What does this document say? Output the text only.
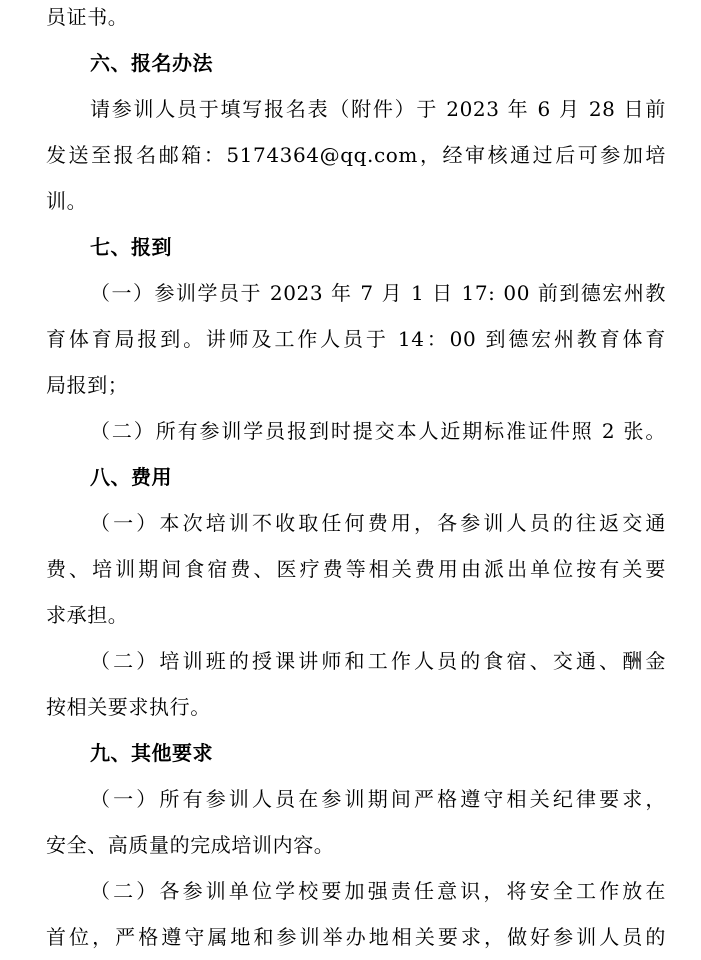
员证书。
六、报名办法
请参训人员于填写报名表（附件）于 2023 年 6 月 28 日前
发送至报名邮箱：5174364@qq.com，经审核通过后可参加培
训。
七、报到
（一）参训学员于 2023 年 7 月 1 日 17: 00 前到德宏州教
育体育局报到。讲师及工作人员于 14：00 到德宏州教育体育
局报到；
（二）所有参训学员报到时提交本人近期标准证件照 2 张。
八、费用
（一）本次培训不收取任何费用，各参训人员的往返交通
费、培训期间食宿费、医疗费等相关费用由派出单位按有关要
求承担。
（二）培训班的授课讲师和工作人员的食宿、交通、酬金
按相关要求执行。
九、其他要求
（一）所有参训人员在参训期间严格遵守相关纪律要求，
安全、高质量的完成培训内容。
（二）各参训单位学校要加强责任意识，将安全工作放在
首位，严格遵守属地和参训举办地相关要求，做好参训人员的
